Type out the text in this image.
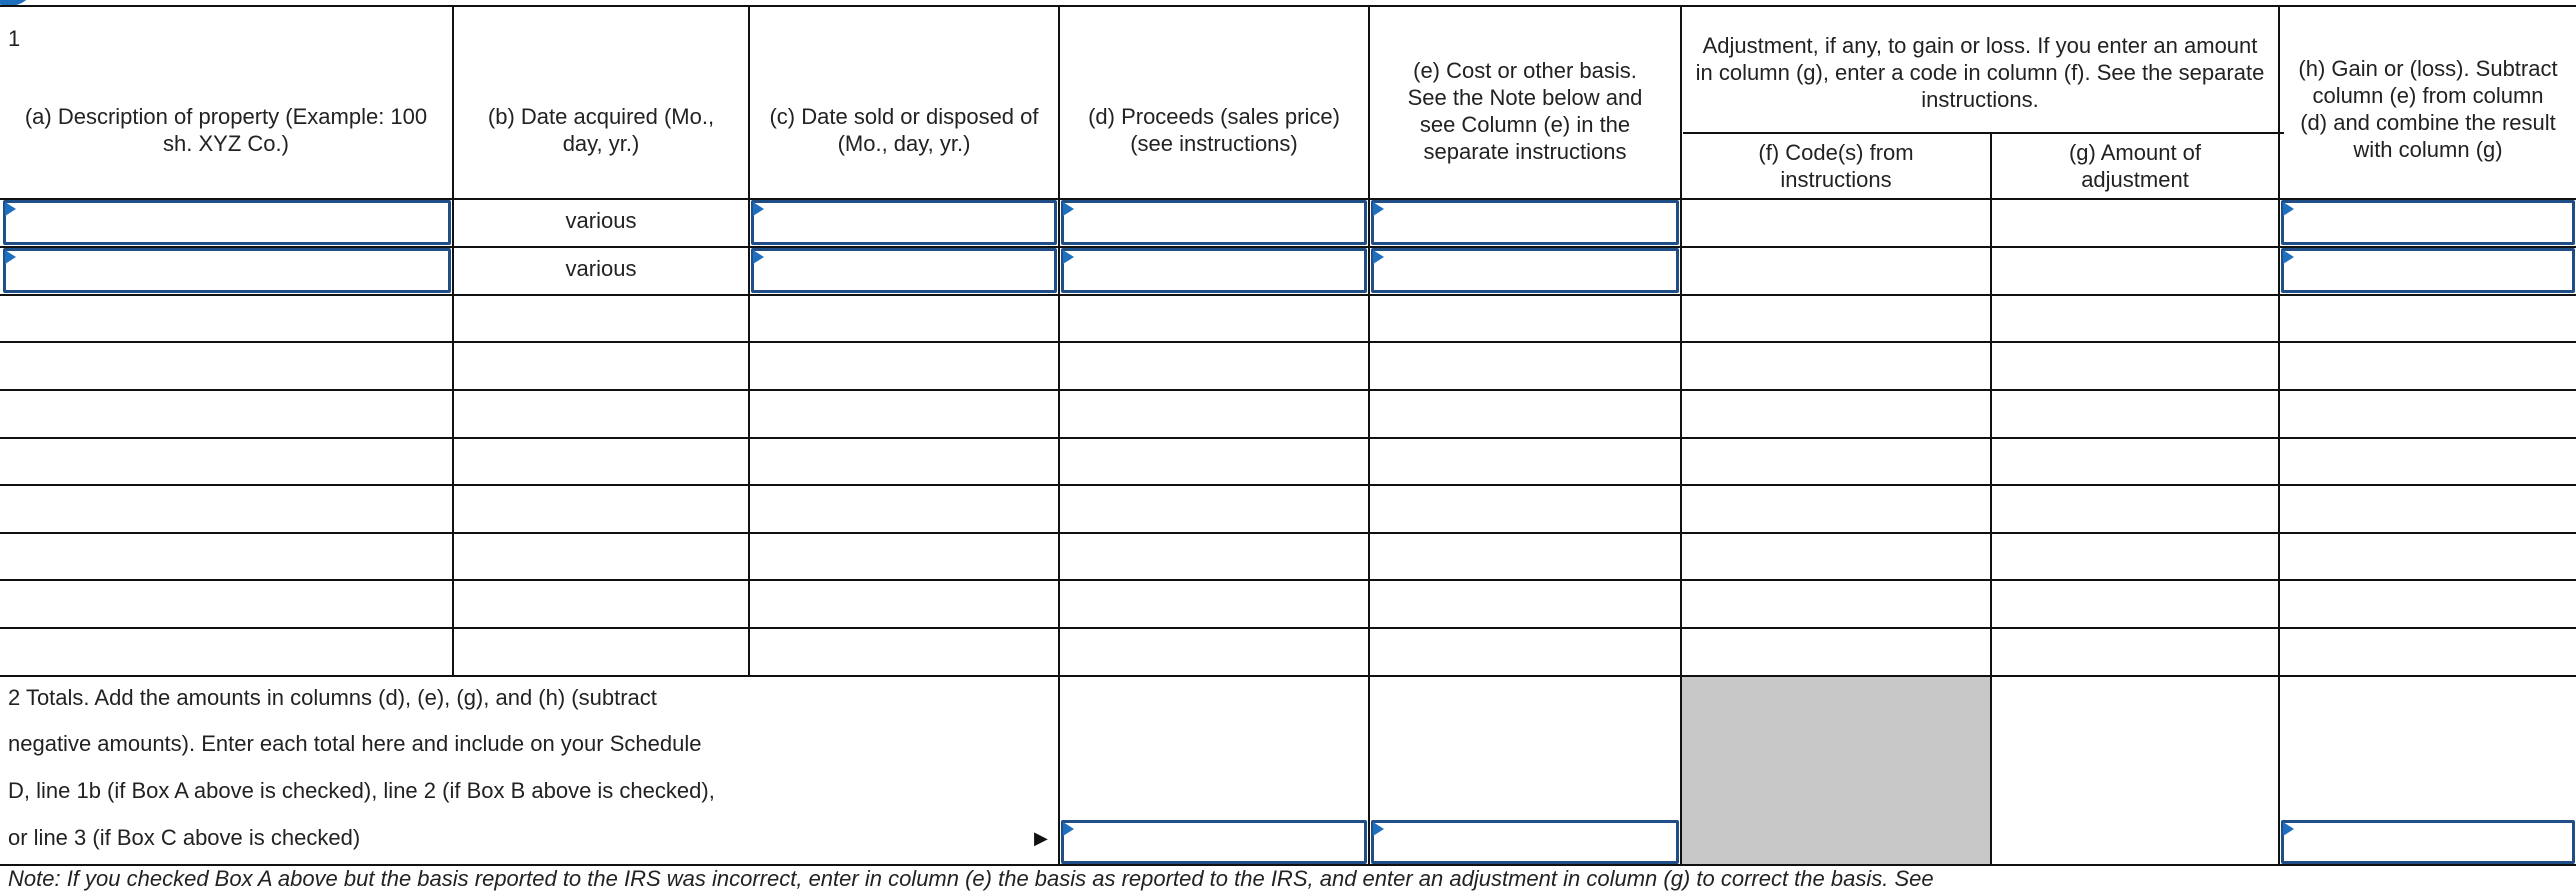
1
(a) Description of property (Example: 100 sh. XYZ Co.)
(b) Date acquired (Mo., day, yr.)
(c) Date sold or disposed of (Mo., day, yr.)
(d) Proceeds (sales price) (see instructions)
(e) Cost or other basis. See the Note below and see Column (e) in the separate instructions
Adjustment, if any, to gain or loss. If you enter an amount in column (g), enter a code in column (f). See the separate instructions.
(f) Code(s) from instructions
(g) Amount of adjustment
(h) Gain or (loss). Subtract column (e) from column (d) and combine the result with column (g)
various
various
2 Totals. Add the amounts in columns (d), (e), (g), and (h) (subtract
negative amounts). Enter each total here and include on your Schedule
D, line 1b (if Box A above is checked), line 2 (if Box B above is checked),
or line 3 (if Box C above is checked)	▶
Note: If you checked Box A above but the basis reported to the IRS was incorrect, enter in column (e) the basis as reported to the IRS, and enter an adjustment in column (g) to correct the basis. See
